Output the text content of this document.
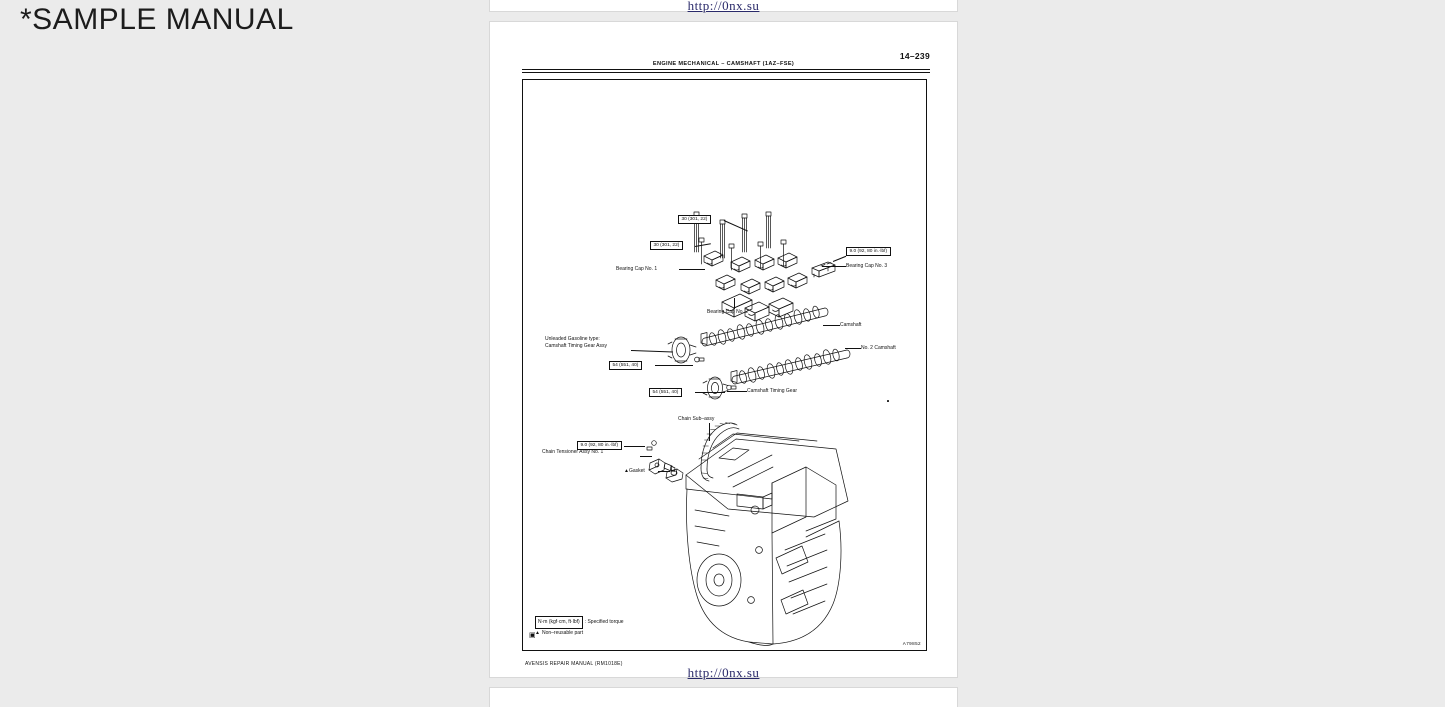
*SAMPLE MANUAL	http://0nx.su
14–239
ENGINE MECHANICAL – CAMSHAFT (1AZ–FSE)
30 (301, 22)
30 (301, 22)
9.0 (92, 80 in.·lbf)
Bearing Cap No. 1	Bearing Cap No. 3
Bearing Cap No. 2
Camshaft
No. 2 Camshaft
Unleaded Gasoline type:
Camshaft Timing Gear Assy
54 (551, 40)
54 (551, 40)	Camshaft Timing Gear
Chain Sub–assy
9.0 (92, 80 in.·lbf)
Chain Tensioner Assy No. 1
▲Gasket
▣
N·m (kgf·cm, ft·lbf)	: Specified torque
▲ Non–reusable part
A79852
AVENSIS REPAIR MANUAL (RM1018E)
http://0nx.su
